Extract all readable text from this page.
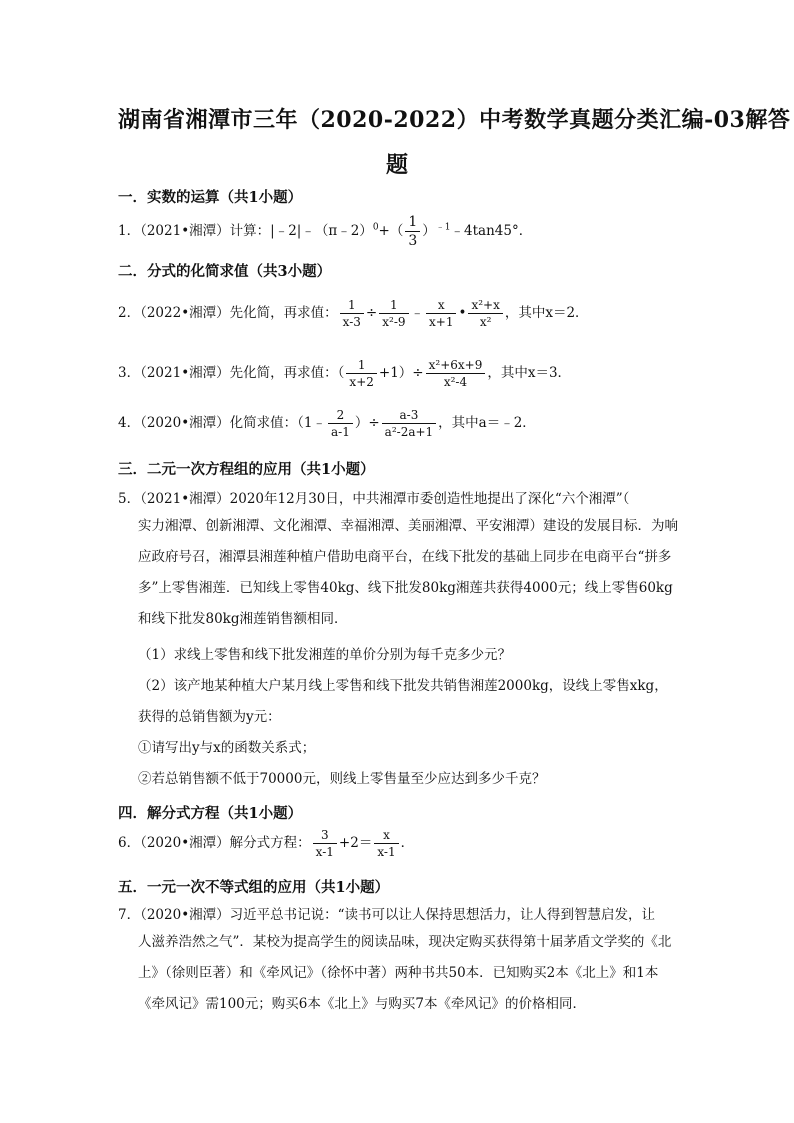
湖南省湘潭市三年（2020-2022）中考数学真题分类汇编-03解答
题
一．实数的运算（共1小题）
1．（2021•湘潭）计算：|﹣2|﹣（π﹣2）$^0$+（ $\frac{1}{3}$ ）$^{﹣1}$﹣4tan45°．
二．分式的化简求值（共3小题）
2．（2022•湘潭）先化简，再求值： $\frac{1}{x-3} \div \frac{1}{\text{x²-9}}$ ﹣ $\frac{x}{x+1}$ • $\frac{\text{x²+x}}{\text{x²}}$ ，其中x＝2．
3．（2021•湘潭）先化简，再求值：（ $\frac{1}{x+2} +1)\div \frac{\text{x²+6x+9}}{\text{x²-4}}$ ，其中x＝3．
4．（2020•湘潭）化简求值：（1﹣ $\frac{2}{a-1}$ ）÷ $\frac{a-3}{\text{a²-2a+1}}$ ，其中a＝﹣2．
三．二元一次方程组的应用（共1小题）
5．（2021•湘潭）2020年12月30日，中共湘潭市委创造性地提出了深化“六个湘潭”（
实力湘潭、创新湘潭、文化湘潭、幸福湘潭、美丽湘潭、平安湘潭）建设的发展目标．为响应政府号召，湘潭县湘莲种植户借助电商平台，在线下批发的基础上同步在电商平台“拼多多”上零售湘莲．已知线上零售40kg、线下批发80kg湘莲共获得4000元；线上零售60kg和线下批发80kg湘莲销售额相同．
（1）求线上零售和线下批发湘莲的单价分别为每千克多少元？
（2）该产地某种植大户某月线上零售和线下批发共销售湘莲2000kg，设线上零售xkg，
获得的总销售额为y元：
①请写出y与x的函数关系式；
②若总销售额不低于70000元，则线上零售量至少应达到多少千克？
四．解分式方程（共1小题）
6．（2020•湘潭）解分式方程： $\frac{3}{x-1} +2= \frac{x}{x-1}$ ．
五．一元一次不等式组的应用（共1小题）
7．（2020•湘潭）习近平总书记说：“读书可以让人保持思想活力，让人得到智慧启发，让
人滋养浩然之气”．某校为提高学生的阅读品味，现决定购买获得第十届茅盾文学奖的《北上》（徐则臣著）和《牵风记》（徐怀中著）两种书共50本．已知购买2本《北上》和1本《牵风记》需100元；购买6本《北上》与购买7本《牵风记》的价格相同．
